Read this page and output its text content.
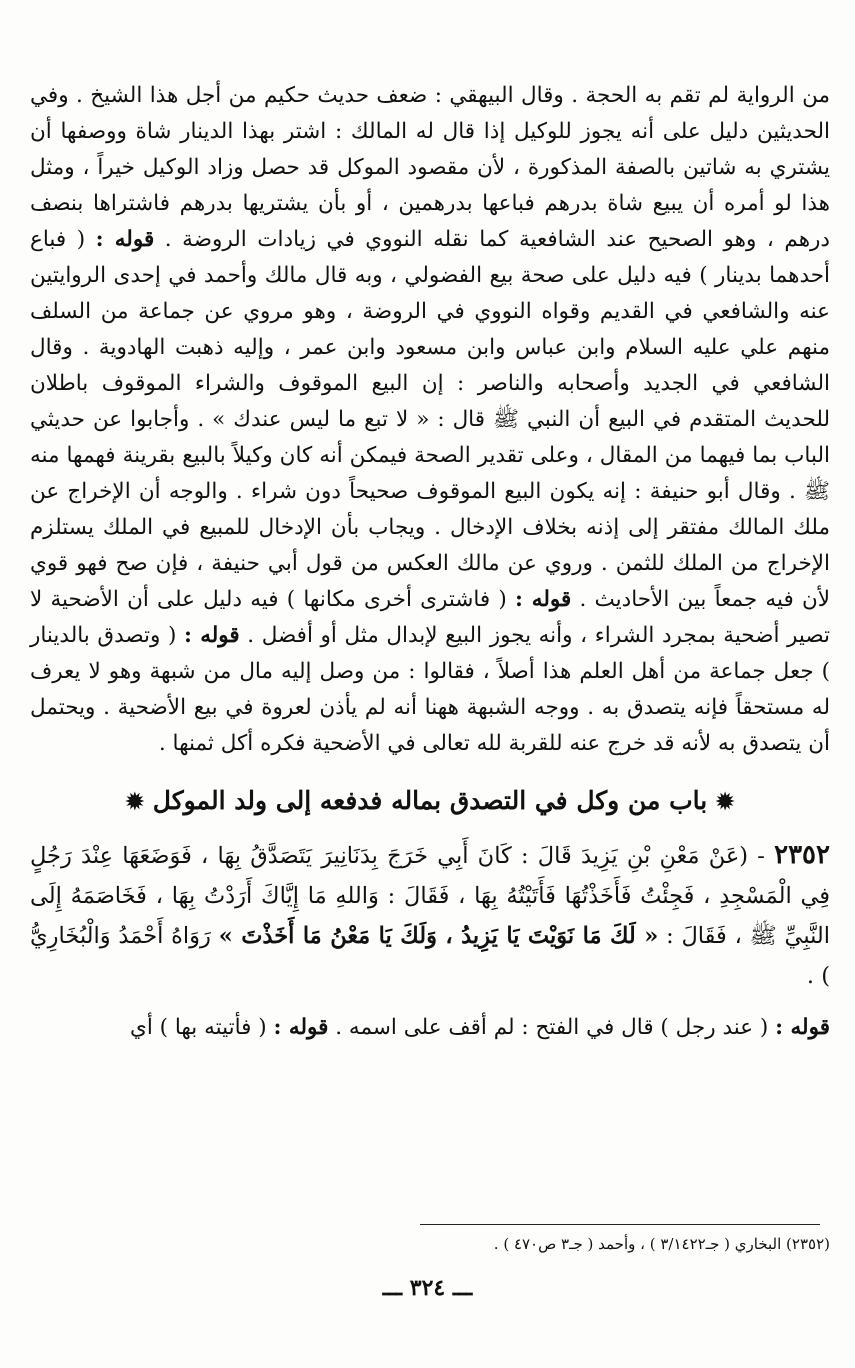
من الرواية لم تقم به الحجة . وقال البيهقي : ضعف حديث حكيم من أجل هذا الشيخ . وفي الحديثين دليل على أنه يجوز للوكيل إذا قال له المالك : اشتر بهذا الدينار شاة ووصفها أن يشتري به شاتين بالصفة المذكورة ، لأن مقصود الموكل قد حصل وزاد الوكيل خيراً ، ومثل هذا لو أمره أن يبيع شاة بدرهم فباعها بدرهمين ، أو بأن يشتريها بدرهم فاشتراها بنصف درهم ، وهو الصحيح عند الشافعية كما نقله النووي في زيادات الروضة . قوله : ( فباع أحدهما بدينار ) فيه دليل على صحة بيع الفضولي ، وبه قال مالك وأحمد في إحدى الروايتين عنه والشافعي في القديم وقواه النووي في الروضة ، وهو مروي عن جماعة من السلف منهم علي عليه السلام وابن عباس وابن مسعود وابن عمر ، وإليه ذهبت الهادوية . وقال الشافعي في الجديد وأصحابه والناصر : إن البيع الموقوف والشراء الموقوف باطلان للحديث المتقدم في البيع أن النبي ﷺ قال : « لا تبع ما ليس عندك » . وأجابوا عن حديثي الباب بما فيهما من المقال ، وعلى تقدير الصحة فيمكن أنه كان وكيلاً بالبيع بقرينة فهمها منه ﷺ . وقال أبو حنيفة : إنه يكون البيع الموقوف صحيحاً دون شراء . والوجه أن الإخراج عن ملك المالك مفتقر إلى إذنه بخلاف الإدخال . ويجاب بأن الإدخال للمبيع في الملك يستلزم الإخراج من الملك للثمن . وروي عن مالك العكس من قول أبي حنيفة ، فإن صح فهو قوي لأن فيه جمعاً بين الأحاديث . قوله : ( فاشترى أخرى مكانها ) فيه دليل على أن الأضحية لا تصير أضحية بمجرد الشراء ، وأنه يجوز البيع لإبدال مثل أو أفضل . قوله : ( وتصدق بالدينار ) جعل جماعة من أهل العلم هذا أصلاً ، فقالوا : من وصل إليه مال من شبهة وهو لا يعرف له مستحقاً فإنه يتصدق به . ووجه الشبهة ههنا أنه لم يأذن لعروة في بيع الأضحية . ويحتمل أن يتصدق به لأنه قد خرج عنه للقربة لله تعالى في الأضحية فكره أكل ثمنها .

✹ باب من وكل في التصدق بماله فدفعه إلى ولد الموكل ✹

٢٣٥٢ - (عَنْ مَعْنِ بْنِ يَزِيدَ قَالَ : كَانَ أَبِي خَرَجَ بِدَنَانِيرَ يَتَصَدَّقُ بِهَا ، فَوَضَعَهَا عِنْدَ رَجُلٍ فِي الْمَسْجِدِ ، فَجِئْتُ فَأَخَذْتُهَا فَأَتَيْتُهُ بِهَا ، فَقَالَ : وَاللهِ مَا إِيَّاكَ أَرَدْتُ بِهَا ، فَخَاصَمَهُ إِلَى النَّبِيِّ ﷺ ، فَقَالَ : « لَكَ مَا نَوَيْتَ يَا يَزِيدُ ، وَلَكَ يَا مَعْنُ مَا أَخَذْتَ » رَوَاهُ أَحْمَدُ وَالْبُخَارِيُّ ) .

قوله : ( عند رجل ) قال في الفتح : لم أقف على اسمه . قوله : ( فأتيته بها ) أي

(٢٣٥٢) البخاري ( جـ٣/١٤٢٢ ) ، وأحمد ( جـ٣ ص٤٧٠ ) .
ـــ ٣٢٤ ـــ
